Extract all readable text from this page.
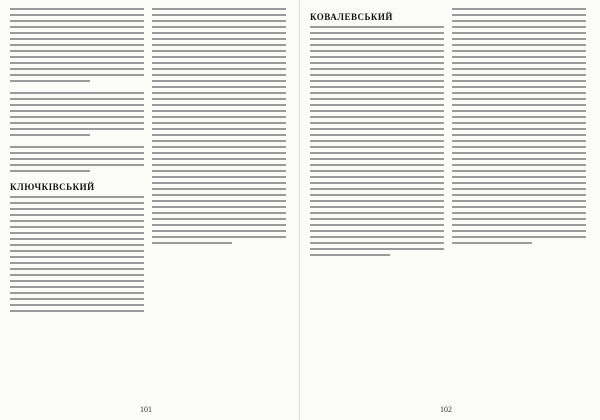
КЛЮЧКІВСЬКИЙ
101
КОВАЛЕВСЬКИЙ
102
